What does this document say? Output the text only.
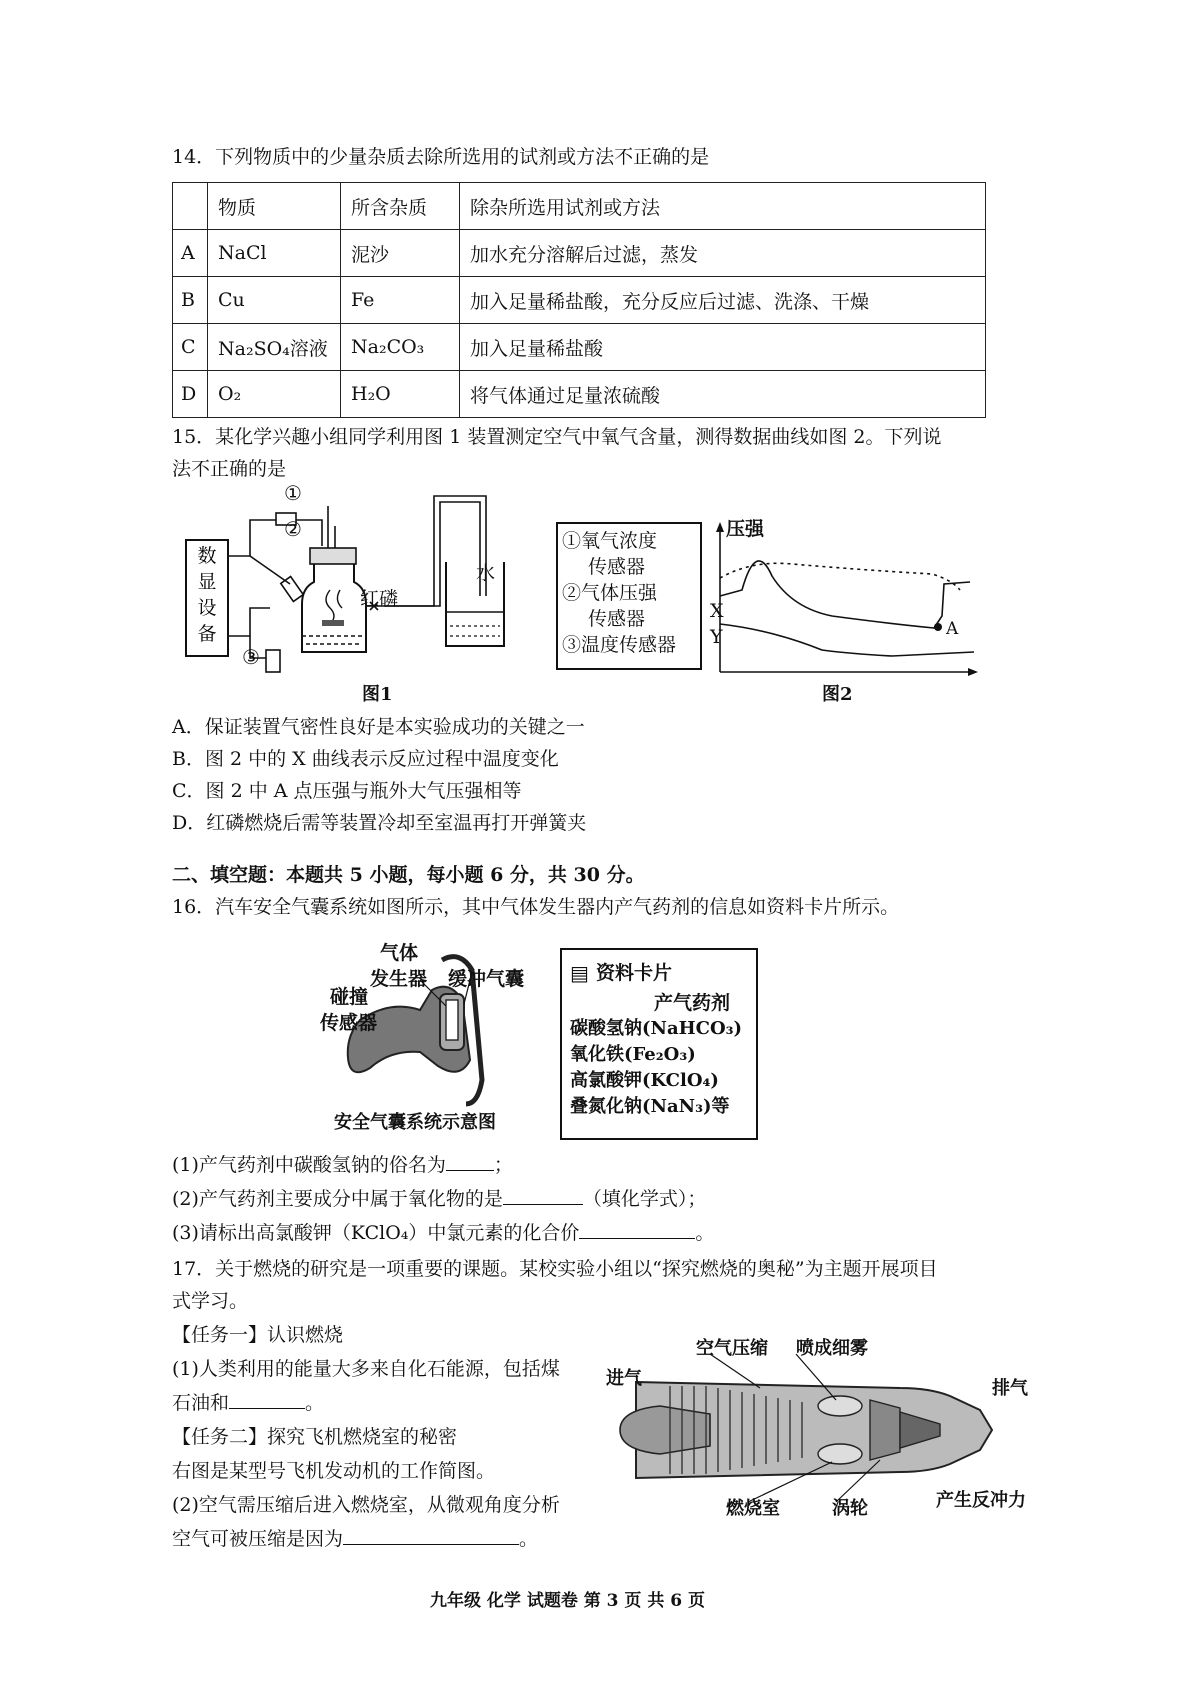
14．下列物质中的少量杂质去除所选用的试剂或方法不正确的是
	物质	所含杂质	除杂所选用试剂或方法
A	NaCl	泥沙	加水充分溶解后过滤，蒸发
B	Cu	Fe	加入足量稀盐酸，充分反应后过滤、洗涤、干燥
C	Na₂SO₄溶液	Na₂CO₃	加入足量稀盐酸
D	O₂	H₂O	将气体通过足量浓硫酸
15．某化学兴趣小组同学利用图 1 装置测定空气中氧气含量，测得数据曲线如图 2。下列说
法不正确的是
数
显
设
备
①
②
③
红磷
水
图1
①氧气浓度
传感器
②气体压强
传感器
③温度传感器
压强
X
Y	A
图2
A．保证装置气密性良好是本实验成功的关键之一
B．图 2 中的 X 曲线表示反应过程中温度变化
C．图 2 中 A 点压强与瓶外大气压强相等
D．红磷燃烧后需等装置冷却至室温再打开弹簧夹
二、填空题：本题共 5 小题，每小题 6 分，共 30 分。
16．汽车安全气囊系统如图所示，其中气体发生器内产气药剂的信息如资料卡片所示。
气体
发生器 缓冲气囊
碰撞
传感器
安全气囊系统示意图
▤ 资料卡片
产气药剂
碳酸氢钠(NaHCO₃)
氧化铁(Fe₂O₃)
高氯酸钾(KClO₄)
叠氮化钠(NaN₃)等
(1)产气药剂中碳酸氢钠的俗名为	；
(2)产气药剂主要成分中属于氧化物的是	（填化学式）；
(3)请标出高氯酸钾（KClO₄）中氯元素的化合价	。
17．关于燃烧的研究是一项重要的课题。某校实验小组以“探究燃烧的奥秘”为主题开展项目
式学习。
【任务一】认识燃烧
(1)人类利用的能量大多来自化石能源，包括煤
石油和	。
【任务二】探究飞机燃烧室的秘密
右图是某型号飞机发动机的工作简图。
(2)空气需压缩后进入燃烧室，从微观角度分析
空气可被压缩是因为	。
空气压缩 喷成细雾
进气	排气
燃烧室	涡轮	产生反冲力
九年级 化学 试题卷 第 3 页 共 6 页
